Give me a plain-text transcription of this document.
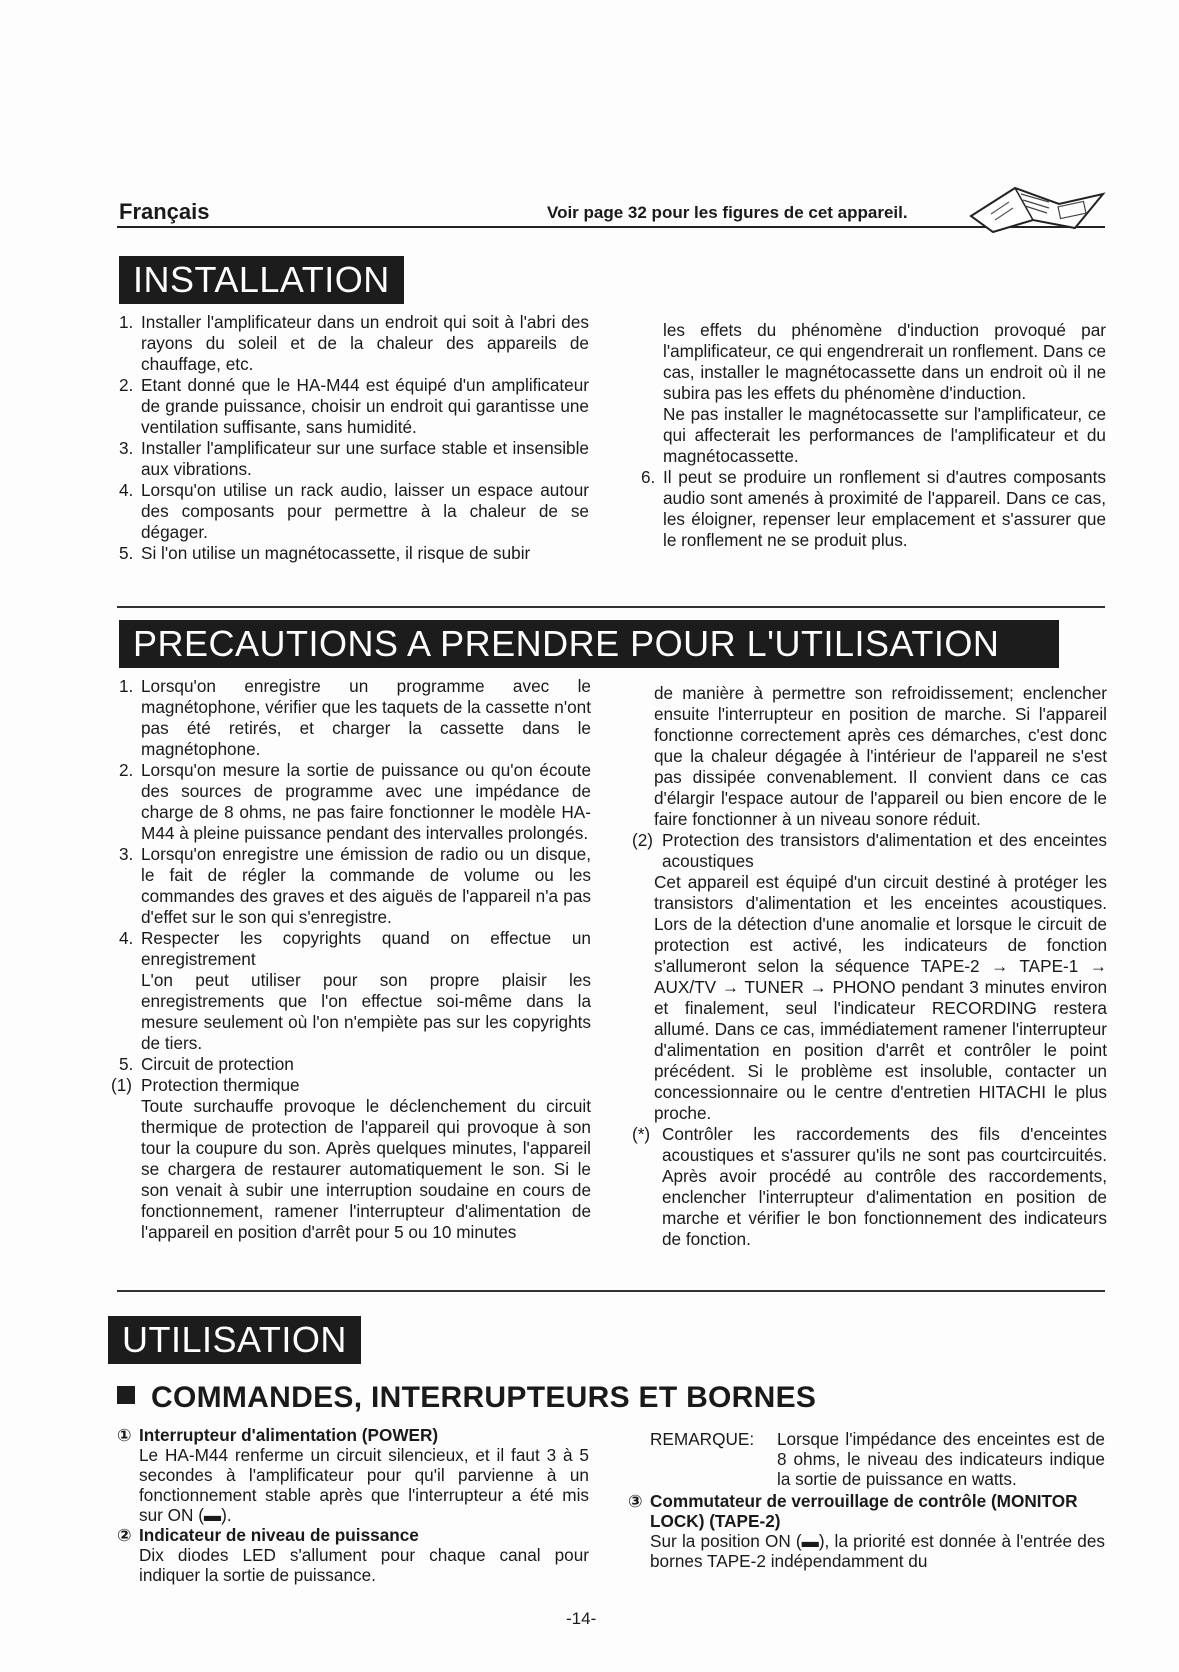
Français	Voir page 32 pour les figures de cet appareil.
INSTALLATION
1. Installer l'amplificateur dans un endroit qui soit à l'abri des rayons du soleil et de la chaleur des appareils de chauffage, etc.
2. Etant donné que le HA-M44 est équipé d'un amplificateur de grande puissance, choisir un endroit qui garantisse une ventilation suffisante, sans humidité.
3. Installer l'amplificateur sur une surface stable et insensible aux vibrations.
4. Lorsqu'on utilise un rack audio, laisser un espace autour des composants pour permettre à la chaleur de se dégager.
5. Si l'on utilise un magnétocassette, il risque de subir

les effets du phénomène d'induction provoqué par l'amplificateur, ce qui engendrerait un ronflement. Dans ce cas, installer le magnétocassette dans un endroit où il ne subira pas les effets du phénomène d'induction.

Ne pas installer le magnétocassette sur l'amplificateur, ce qui affecterait les performances de l'amplificateur et du magnétocassette.

6. Il peut se produire un ronflement si d'autres composants audio sont amenés à proximité de l'appareil. Dans ce cas, les éloigner, repenser leur emplacement et s'assurer que le ronflement ne se produit plus.
PRECAUTIONS A PRENDRE POUR L'UTILISATION
1. Lorsqu'on enregistre un programme avec le magnétophone, vérifier que les taquets de la cassette n'ont pas été retirés, et charger la cassette dans le magnétophone.
2. Lorsqu'on mesure la sortie de puissance ou qu'on écoute des sources de programme avec une impédance de charge de 8 ohms, ne pas faire fonctionner le modèle HA-M44 à pleine puissance pendant des intervalles prolongés.
3. Lorsqu'on enregistre une émission de radio ou un disque, le fait de régler la commande de volume ou les commandes des graves et des aiguës de l'appareil n'a pas d'effet sur le son qui s'enregistre.
4. Respecter les copyrights quand on effectue un enregistrement

L'on peut utiliser pour son propre plaisir les enregistrements que l'on effectue soi-même dans la mesure seulement où l'on n'empiète pas sur les copyrights de tiers.

5. Circuit de protection
(1) Protection thermique

Toute surchauffe provoque le déclenchement du circuit thermique de protection de l'appareil qui provoque à son tour la coupure du son. Après quelques minutes, l'appareil se chargera de restaurer automatiquement le son. Si le son venait à subir une interruption soudaine en cours de fonctionnement, ramener l'interrupteur d'alimentation de l'appareil en position d'arrêt pour 5 ou 10 minutes

de manière à permettre son refroidissement; enclencher ensuite l'interrupteur en position de marche. Si l'appareil fonctionne correctement après ces démarches, c'est donc que la chaleur dégagée à l'intérieur de l'appareil ne s'est pas dissipée convenablement. Il convient dans ce cas d'élargir l'espace autour de l'appareil ou bien encore de le faire fonctionner à un niveau sonore réduit.

(2) Protection des transistors d'alimentation et des enceintes acoustiques

Cet appareil est équipé d'un circuit destiné à protéger les transistors d'alimentation et les enceintes acoustiques. Lors de la détection d'une anomalie et lorsque le circuit de protection est activé, les indicateurs de fonction s'allumeront selon la séquence TAPE-2 → TAPE-1 → AUX/TV → TUNER → PHONO pendant 3 minutes environ et finalement, seul l'indicateur RECORDING restera allumé. Dans ce cas, immédiatement ramener l'interrupteur d'alimentation en position d'arrêt et contrôler le point précédent. Si le problème est insoluble, contacter un concessionnaire ou le centre d'entretien HITACHI le plus proche.

(*) Contrôler les raccordements des fils d'enceintes acoustiques et s'assurer qu'ils ne sont pas courtcircuités. Après avoir procédé au contrôle des raccordements, enclencher l'interrupteur d'alimentation en position de marche et vérifier le bon fonctionnement des indicateurs de fonction.
UTILISATION
COMMANDES, INTERRUPTEURS ET BORNES
① Interrupteur d'alimentation (POWER)
Le HA-M44 renferme un circuit silencieux, et il faut 3 à 5 secondes à l'amplificateur pour qu'il parvienne à un fonctionnement stable après que l'interrupteur a été mis sur ON (▬).
② Indicateur de niveau de puissance
Dix diodes LED s'allument pour chaque canal pour indiquer la sortie de puissance.
REMARQUE:	Lorsque l'impédance des enceintes est de 8 ohms, le niveau des indicateurs indique la sortie de puissance en watts.
③ Commutateur de verrouillage de contrôle (MONITOR LOCK) (TAPE-2)
Sur la position ON (▬), la priorité est donnée à l'entrée des bornes TAPE-2 indépendamment du
-14-
